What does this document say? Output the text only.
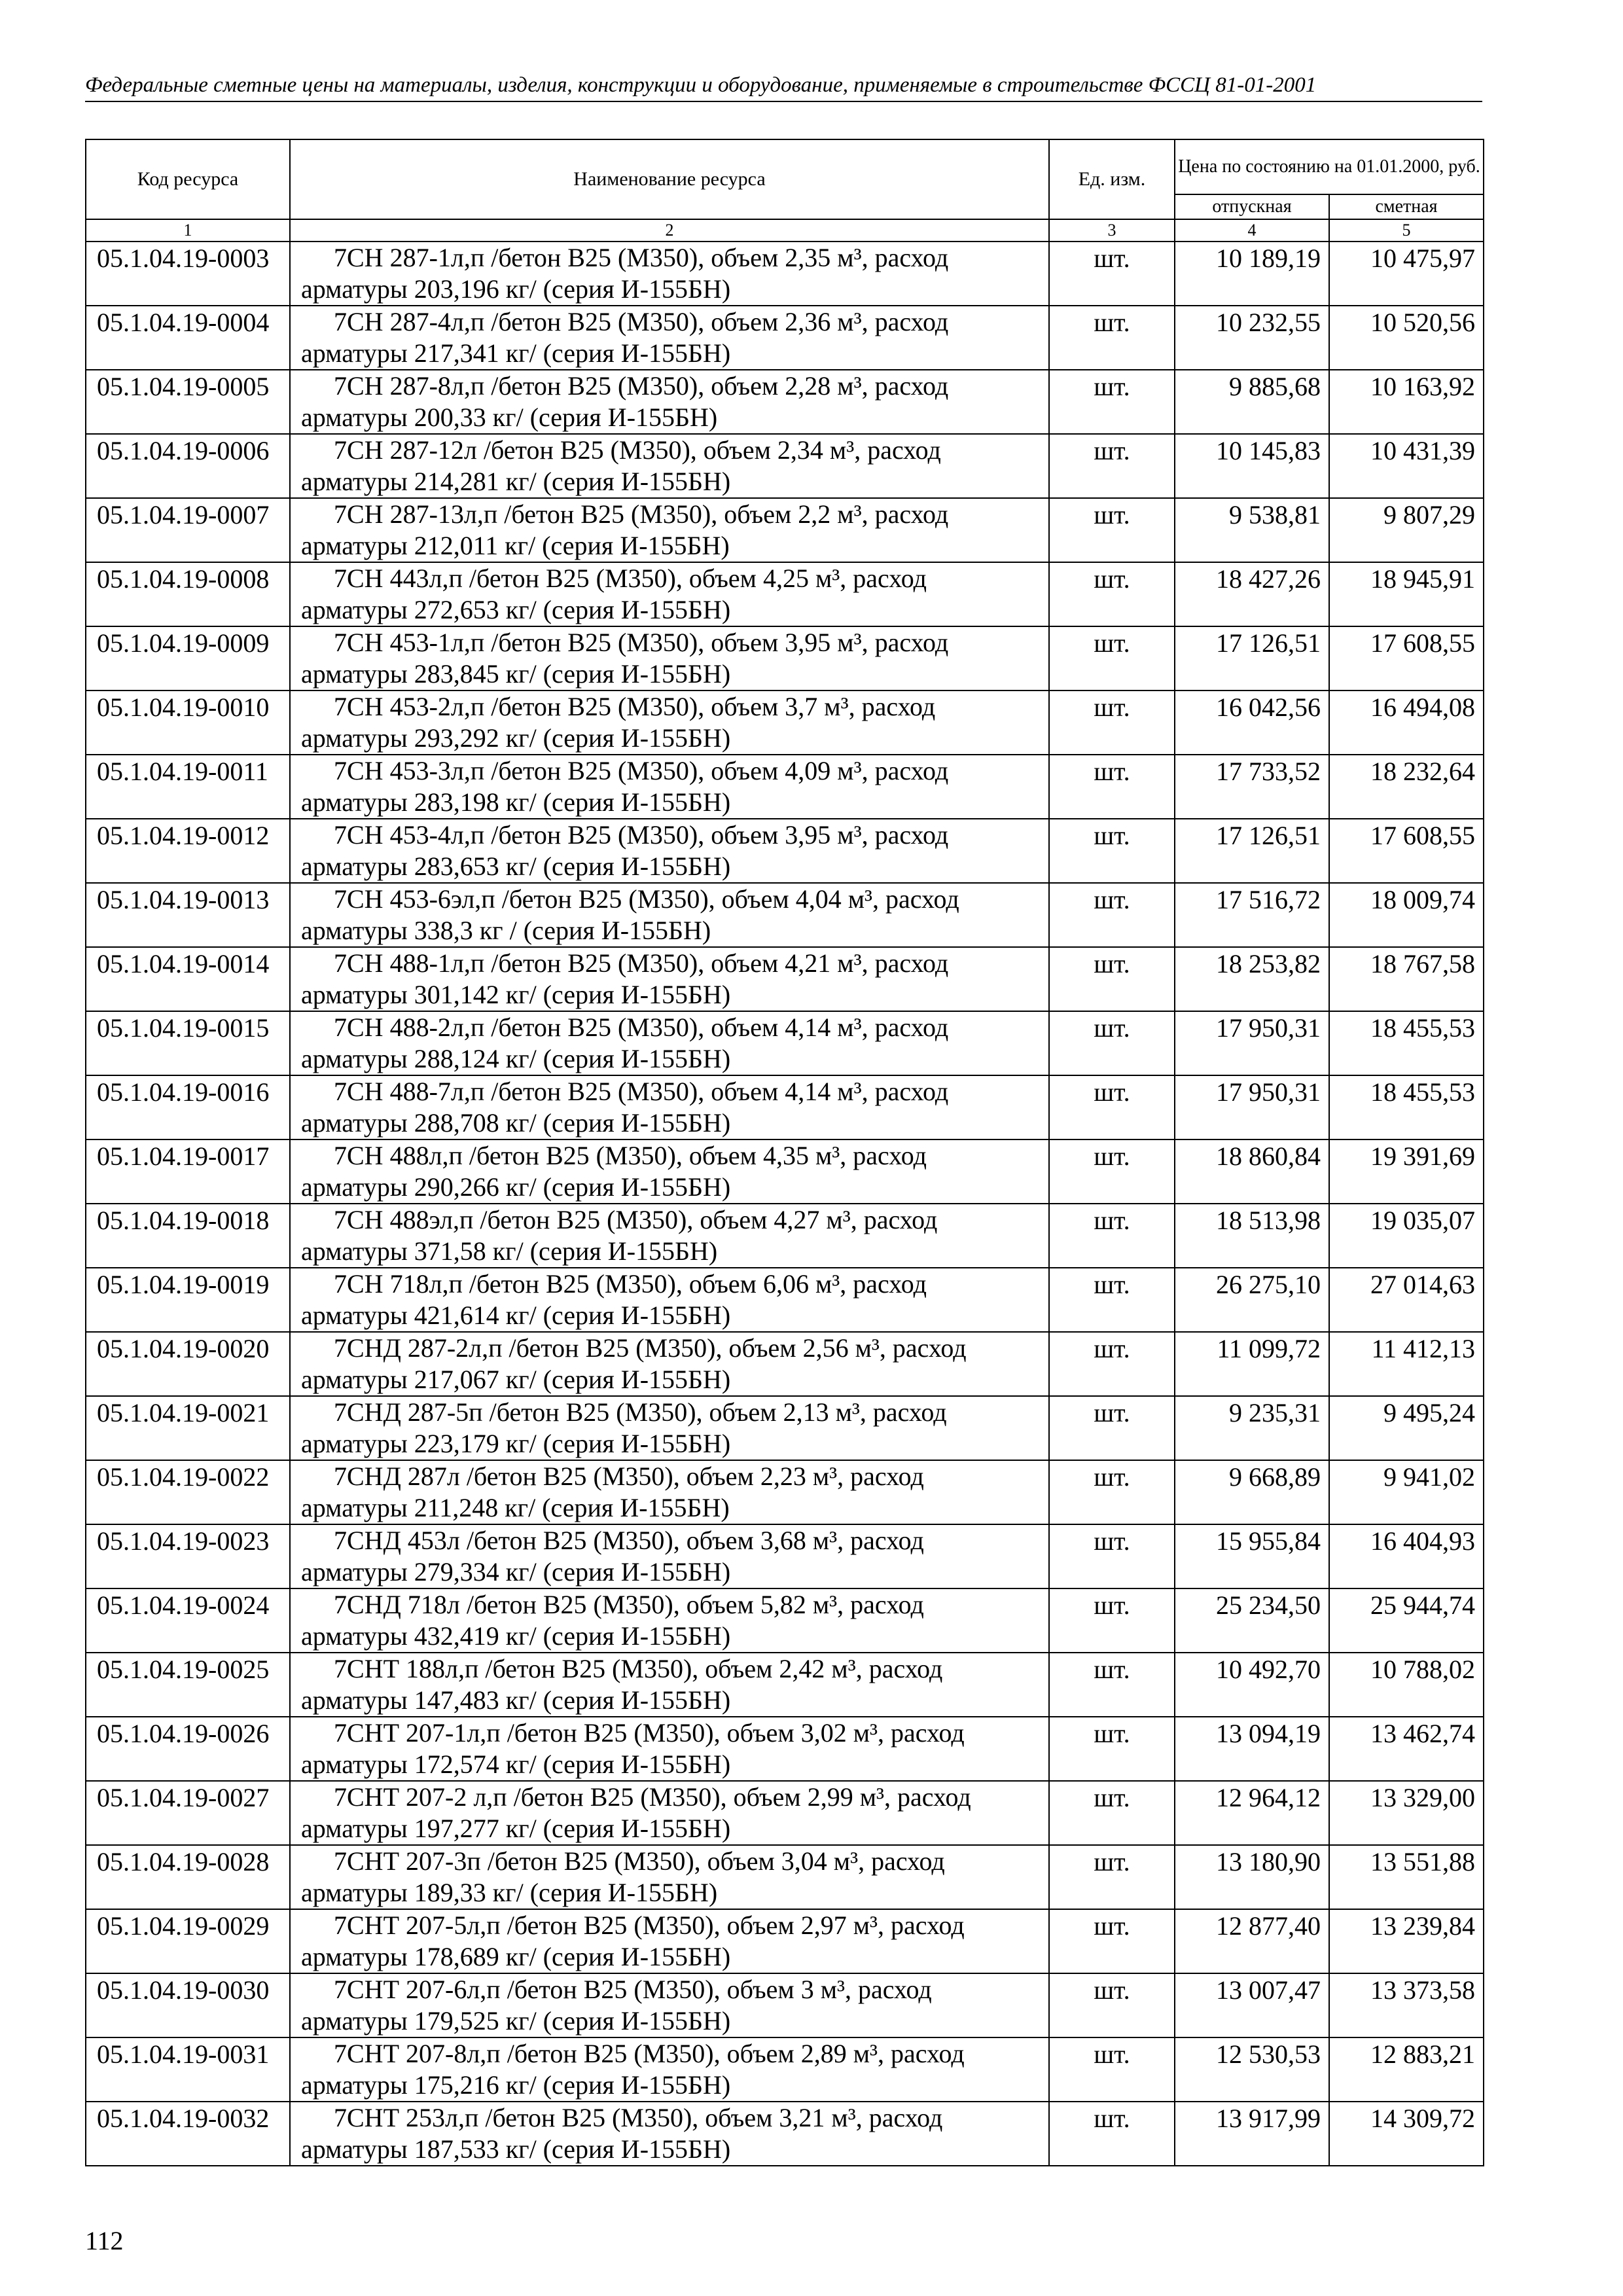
Федеральные сметные цены на материалы, изделия, конструкции и оборудование, применяемые в строительстве ФССЦ 81-01-2001
Код ресурса	Наименование ресурса	Ед. изм.	Цена по состоянию на 01.01.2000, руб.	
			отпускная	сметная
1	2	3	4	5
05.1.04.19-0003	7СН 287-1л,п /бетон В25 (М350), объем 2,35 м³, расход
арматуры 203,196 кг/ (серия И-155БН)	шт.	10 189,19	10 475,97
05.1.04.19-0004	7СН 287-4л,п /бетон В25 (М350), объем 2,36 м³, расход
арматуры 217,341 кг/ (серия И-155БН)	шт.	10 232,55	10 520,56
05.1.04.19-0005	7СН 287-8л,п /бетон В25 (М350), объем 2,28 м³, расход
арматуры 200,33 кг/ (серия И-155БН)	шт.	9 885,68	10 163,92
05.1.04.19-0006	7СН 287-12л /бетон В25 (М350), объем 2,34 м³, расход
арматуры 214,281 кг/ (серия И-155БН)	шт.	10 145,83	10 431,39
05.1.04.19-0007	7СН 287-13л,п /бетон В25 (М350), объем 2,2 м³, расход
арматуры 212,011 кг/ (серия И-155БН)	шт.	9 538,81	9 807,29
05.1.04.19-0008	7СН 443л,п /бетон В25 (М350), объем 4,25 м³, расход
арматуры 272,653 кг/ (серия И-155БН)	шт.	18 427,26	18 945,91
05.1.04.19-0009	7СН 453-1л,п /бетон В25 (М350), объем 3,95 м³, расход
арматуры 283,845 кг/ (серия И-155БН)	шт.	17 126,51	17 608,55
05.1.04.19-0010	7СН 453-2л,п /бетон В25 (М350), объем 3,7 м³, расход
арматуры 293,292 кг/ (серия И-155БН)	шт.	16 042,56	16 494,08
05.1.04.19-0011	7СН 453-3л,п /бетон В25 (М350), объем 4,09 м³, расход
арматуры 283,198 кг/ (серия И-155БН)	шт.	17 733,52	18 232,64
05.1.04.19-0012	7СН 453-4л,п /бетон В25 (М350), объем 3,95 м³, расход
арматуры 283,653 кг/ (серия И-155БН)	шт.	17 126,51	17 608,55
05.1.04.19-0013	7СН 453-6эл,п /бетон В25 (М350), объем 4,04 м³, расход
арматуры 338,3 кг / (серия И-155БН)	шт.	17 516,72	18 009,74
05.1.04.19-0014	7СН 488-1л,п /бетон В25 (М350), объем 4,21 м³, расход
арматуры 301,142 кг/ (серия И-155БН)	шт.	18 253,82	18 767,58
05.1.04.19-0015	7СН 488-2л,п /бетон В25 (М350), объем 4,14 м³, расход
арматуры 288,124 кг/ (серия И-155БН)	шт.	17 950,31	18 455,53
05.1.04.19-0016	7СН 488-7л,п /бетон В25 (М350), объем 4,14 м³, расход
арматуры 288,708 кг/ (серия И-155БН)	шт.	17 950,31	18 455,53
05.1.04.19-0017	7СН 488л,п /бетон В25 (М350), объем 4,35 м³, расход
арматуры 290,266 кг/ (серия И-155БН)	шт.	18 860,84	19 391,69
05.1.04.19-0018	7СН 488эл,п /бетон В25 (М350), объем 4,27 м³, расход
арматуры 371,58 кг/ (серия И-155БН)	шт.	18 513,98	19 035,07
05.1.04.19-0019	7СН 718л,п /бетон В25 (М350), объем 6,06 м³, расход
арматуры 421,614 кг/ (серия И-155БН)	шт.	26 275,10	27 014,63
05.1.04.19-0020	7СНД 287-2л,п /бетон В25 (М350), объем 2,56 м³, расход
арматуры 217,067 кг/ (серия И-155БН)	шт.	11 099,72	11 412,13
05.1.04.19-0021	7СНД 287-5п /бетон В25 (М350), объем 2,13 м³, расход
арматуры 223,179 кг/ (серия И-155БН)	шт.	9 235,31	9 495,24
05.1.04.19-0022	7СНД 287л /бетон В25 (М350), объем 2,23 м³, расход
арматуры 211,248 кг/ (серия И-155БН)	шт.	9 668,89	9 941,02
05.1.04.19-0023	7СНД 453л /бетон В25 (М350), объем 3,68 м³, расход
арматуры 279,334 кг/ (серия И-155БН)	шт.	15 955,84	16 404,93
05.1.04.19-0024	7СНД 718л /бетон В25 (М350), объем 5,82 м³, расход
арматуры 432,419 кг/ (серия И-155БН)	шт.	25 234,50	25 944,74
05.1.04.19-0025	7СНТ 188л,п /бетон В25 (М350), объем 2,42 м³, расход
арматуры 147,483 кг/ (серия И-155БН)	шт.	10 492,70	10 788,02
05.1.04.19-0026	7СНТ 207-1л,п /бетон В25 (М350), объем 3,02 м³, расход
арматуры 172,574 кг/ (серия И-155БН)	шт.	13 094,19	13 462,74
05.1.04.19-0027	7СНТ 207-2 л,п /бетон В25 (М350), объем 2,99 м³, расход
арматуры 197,277 кг/ (серия И-155БН)	шт.	12 964,12	13 329,00
05.1.04.19-0028	7СНТ 207-3п /бетон В25 (М350), объем 3,04 м³, расход
арматуры 189,33 кг/ (серия И-155БН)	шт.	13 180,90	13 551,88
05.1.04.19-0029	7СНТ 207-5л,п /бетон В25 (М350), объем 2,97 м³, расход
арматуры 178,689 кг/ (серия И-155БН)	шт.	12 877,40	13 239,84
05.1.04.19-0030	7СНТ 207-6л,п /бетон В25 (М350), объем 3 м³, расход
арматуры 179,525 кг/ (серия И-155БН)	шт.	13 007,47	13 373,58
05.1.04.19-0031	7СНТ 207-8л,п /бетон В25 (М350), объем 2,89 м³, расход
арматуры 175,216 кг/ (серия И-155БН)	шт.	12 530,53	12 883,21
05.1.04.19-0032	7СНТ 253л,п /бетон В25 (М350), объем 3,21 м³, расход
арматуры 187,533 кг/ (серия И-155БН)	шт.	13 917,99	14 309,72
112
